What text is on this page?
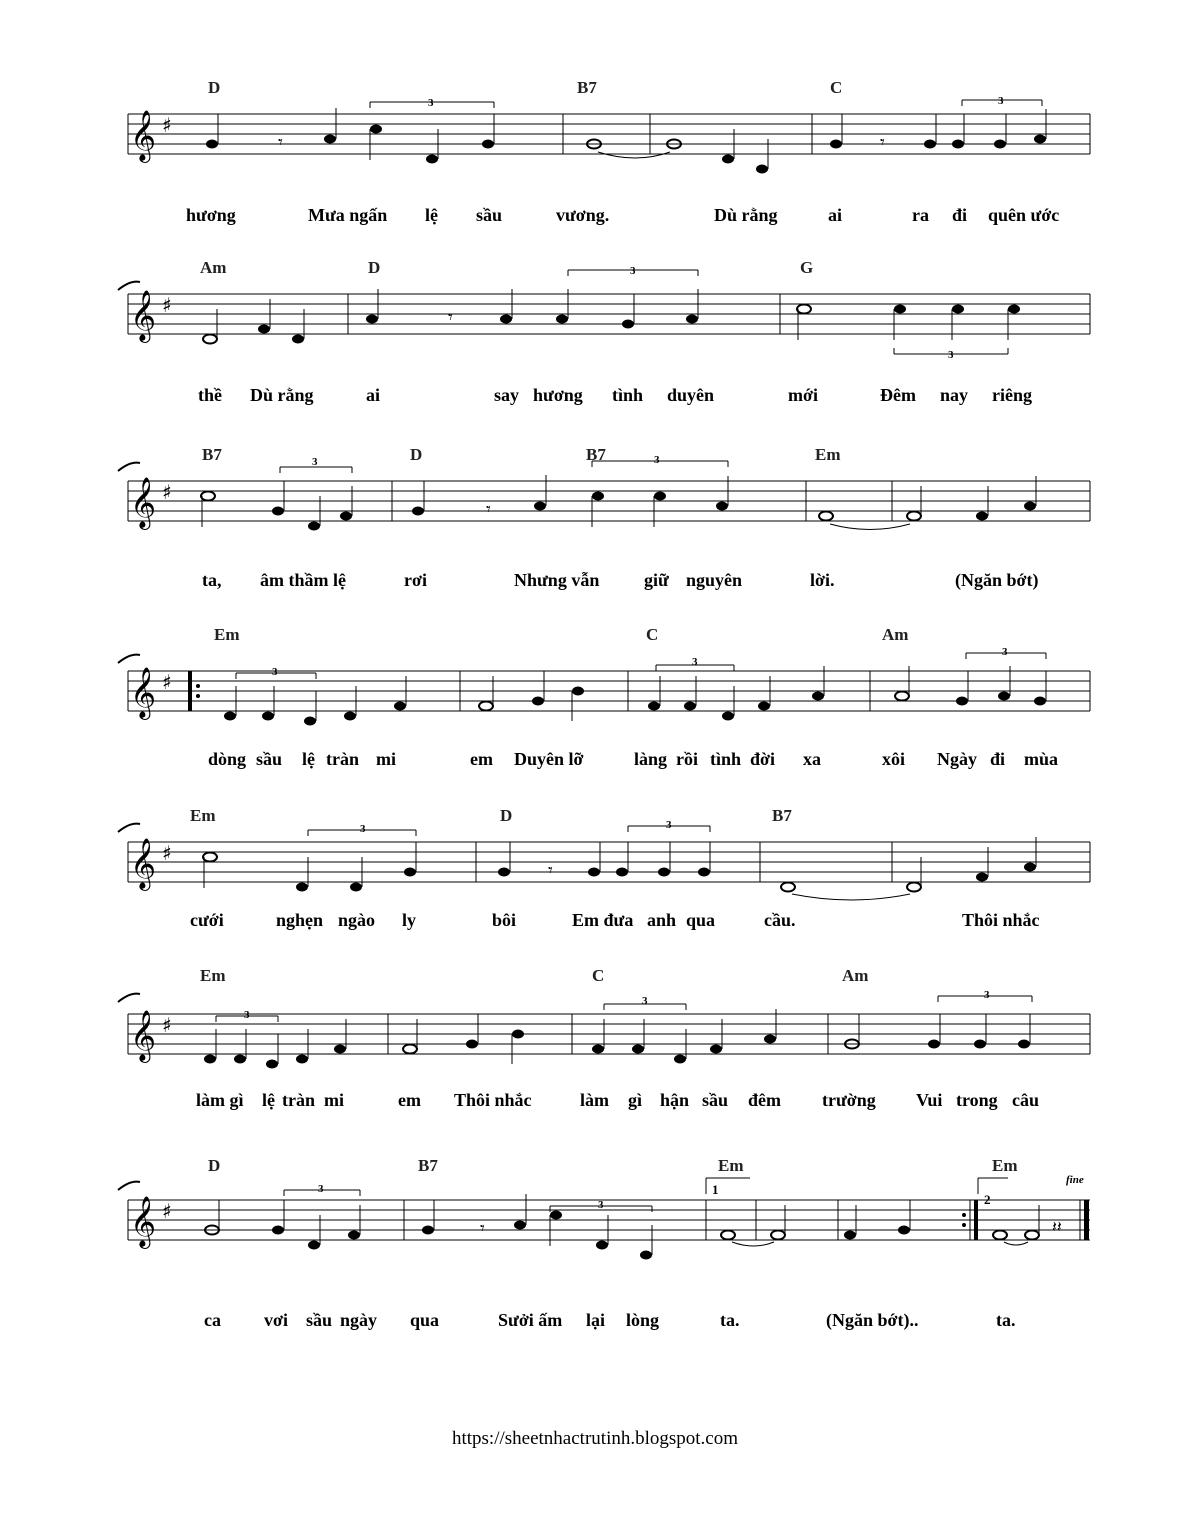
D	B7	C
𝄞 ♯
𝄾	𝄾
3	3
hương	Mưa ngấn lệ sầu	vương.	Dù rằng	ai	ra đi quên ước
Am	D	G
𝄞 ♯	𝄾
3
3
thề Dù rằng	ai	say hương tình duyên	mới	Đêm nay riêng
B7	D	B7	Em
𝄞 ♯
𝄾
3	3
ta, âm thầm lệ	rơi	Nhưng vẫn giữ nguyên	lời.	(Ngăn bớt)
Em	C	Am
𝄞 ♯	3
3
3
dòng sầu lệ tràn mi	em Duyên lỡ	làng rồi tình đời xa	xôi Ngày đi mùa
Em	D	B7
𝄞 ♯
𝄾
3	3
cưới	nghẹn ngào ly	bôi	Em đưa anh qua	cầu.	Thôi nhắc
Em	C	Am
𝄞 ♯	3
3	3
làm gì lệ tràn mi	em Thôi nhắc	làm gì hận sầu đêm trường Vui trong câu
D	B7	Em	Em
fine
1
2
𝄞 ♯
𝄾	𝄽𝄽
3
3
ca vơi sầu ngày qua	Sưởi ấm lại lòng	ta.	(Ngăn bớt)..	ta.
https://sheetnhactrutinh.blogspot.com
